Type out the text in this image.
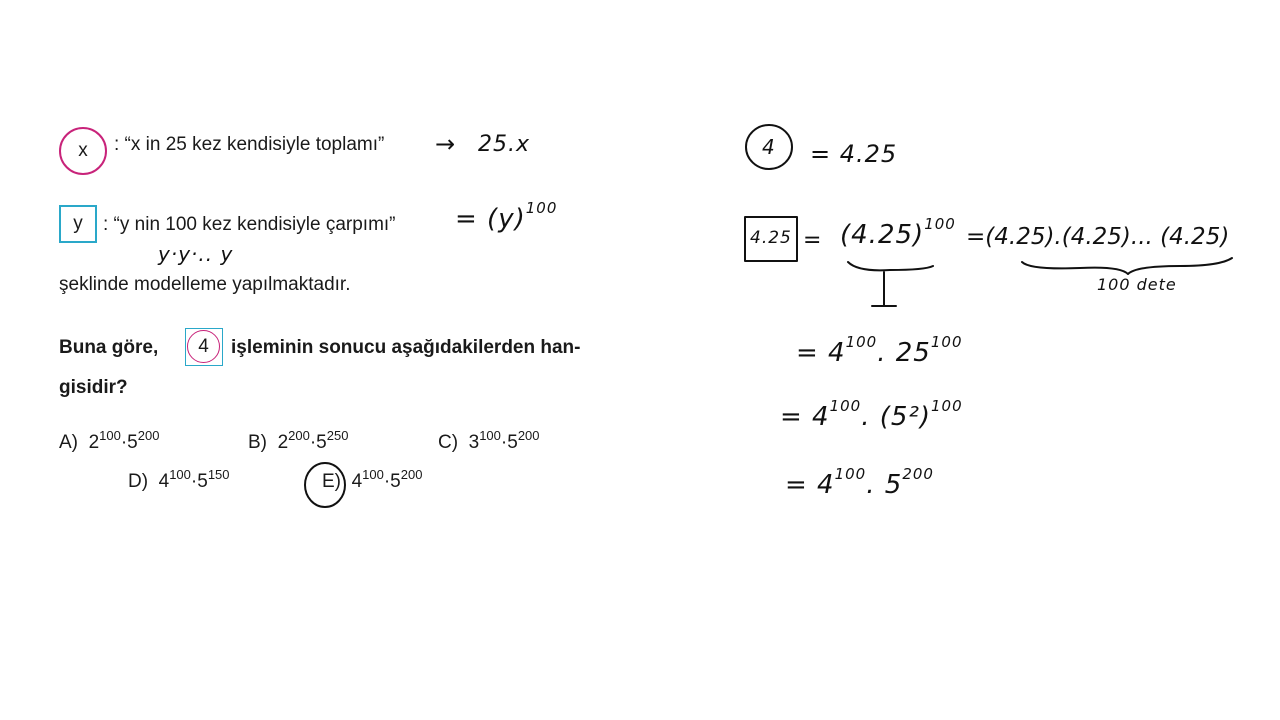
x : “x in 25 kez kendisiyle toplamı”
y : “y nin 100 kez kendisiyle çarpımı”
şeklinde modelleme yapılmaktadır.
Buna göre, 4 işleminin sonucu aşağıdakilerden han-
gisidir?
A) $2^{100}\cdot 5^{200}$	B) $2^{200}\cdot 5^{250}$	C) $3^{100}\cdot 5^{200}$
D) $4^{100}\cdot 5^{150}$	E) $4^{100}\cdot 5^{200}$
→ 25.x
= $(y)^{100}$
y·y·.. y
4 = 4.25
$4.25 = (4.25)^{100} =(4.25).(4.25)$... (4.25)
100 dete
= $4^{100}$. $25^{100}$
= $4^{100}$. $(5^2)^{100}$
= $4^{100}$. $5^{200}$
